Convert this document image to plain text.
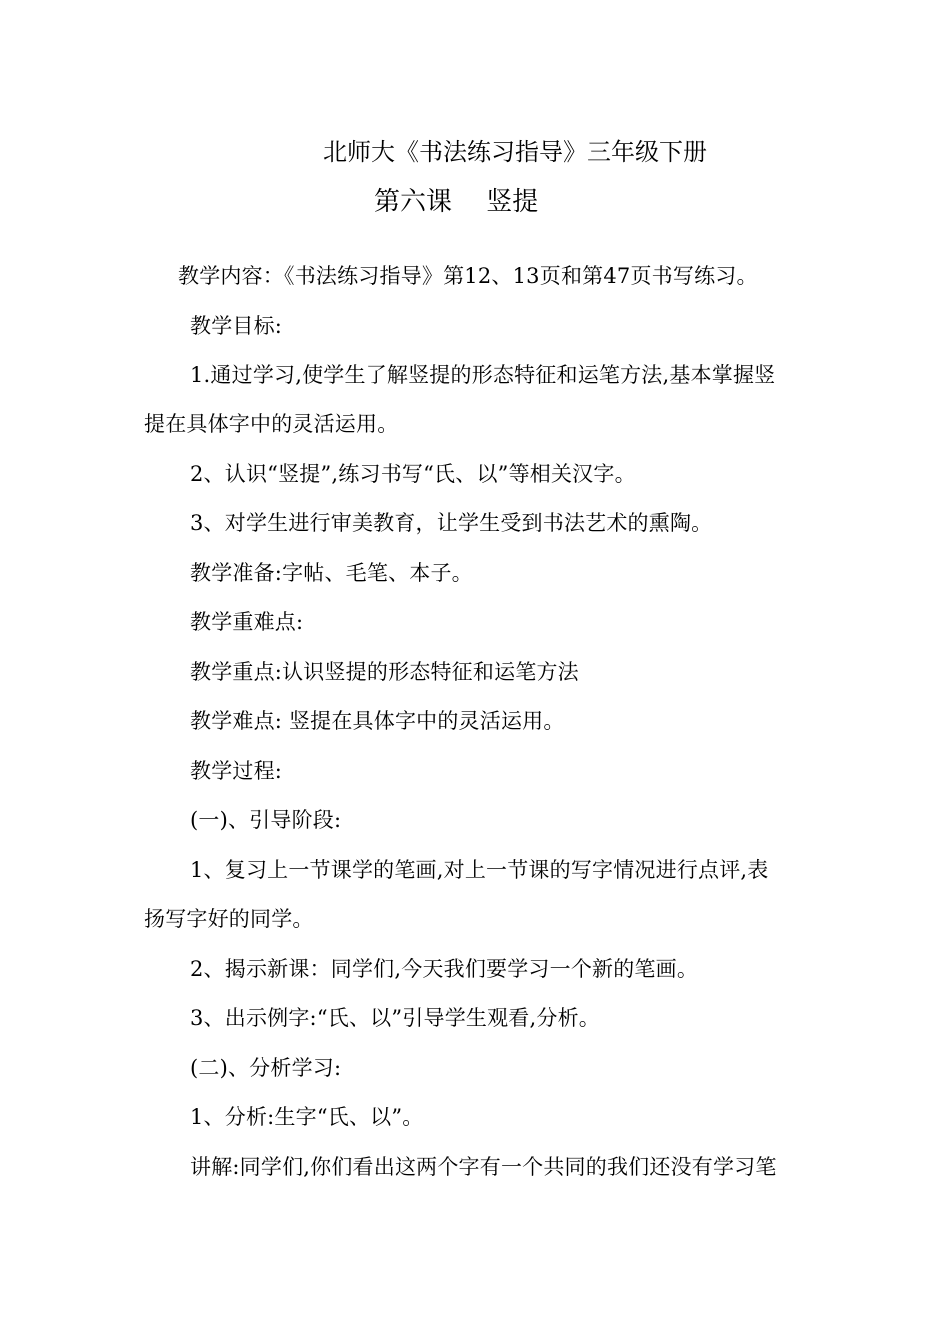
北师大《书法练习指导》三年级下册
第六课　 竖提
教学内容：《书法练习指导》第12、13页和第47页书写练习。
教学目标:
1.通过学习,使学生了解竖提的形态特征和运笔方法,基本掌握竖
提在具体字中的灵活运用。
2、认识“竖提”,练习书写“氏、以”等相关汉字。
3、对学生进行审美教育，让学生受到书法艺术的熏陶。
教学准备:字帖、毛笔、本子。
教学重难点:
教学重点:认识竖提的形态特征和运笔方法
教学难点: 竖提在具体字中的灵活运用。
教学过程:
(一)、引导阶段:
1、复习上一节课学的笔画,对上一节课的写字情况进行点评,表
扬写字好的同学。
2、揭示新课：同学们,今天我们要学习一个新的笔画。
3、出示例字:“氏、以”引导学生观看,分析。
(二)、分析学习:
1、分析:生字“氏、以”。
讲解:同学们,你们看出这两个字有一个共同的我们还没有学习笔
